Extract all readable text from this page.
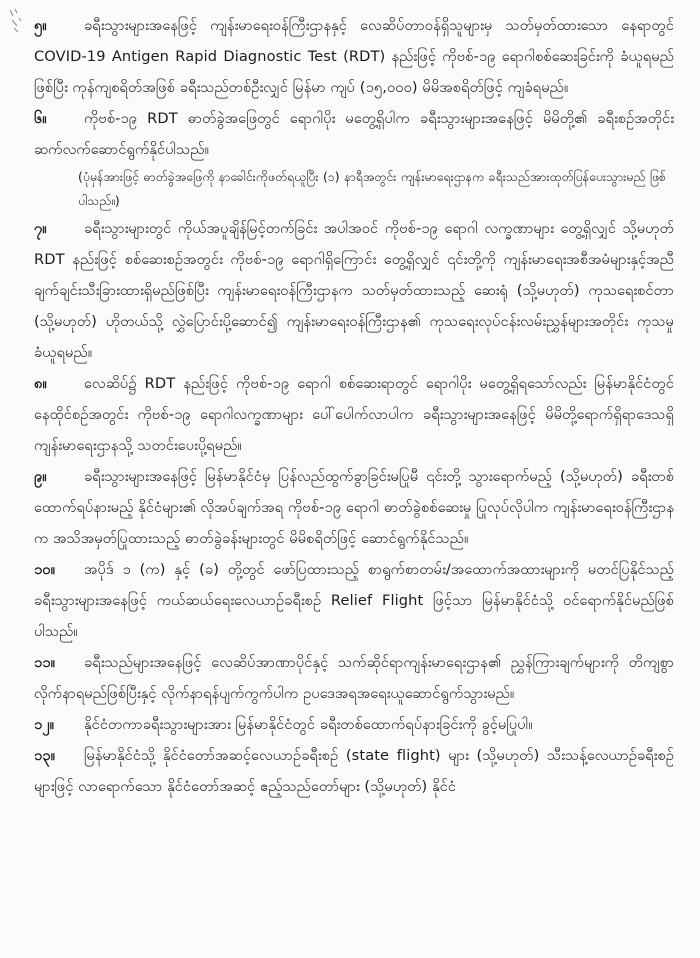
၅။	ခရီးသွားများအနေဖြင့် ကျန်းမာရေးဝန်ကြီးဌာနနှင့် လေဆိပ်တာဝန်ရှိသူများမှ သတ်မှတ်ထားသော နေရာတွင် COVID-19 Antigen Rapid Diagnostic Test (RDT) နည်းဖြင့် ကိုဗစ်-၁၉ ရောဂါစစ်ဆေးခြင်းကို ခံယူရမည်ဖြစ်ပြီး ကုန်ကျစရိတ်အဖြစ် ခရီးသည်တစ်ဦးလျှင် မြန်မာ ကျပ် (၁၅,၀၀၀) မိမိအစရိတ်ဖြင့် ကျခံရမည်။

၆။	ကိုဗစ်-၁၉ RDT ဓာတ်ခွဲအဖြေတွင် ရောဂါပိုး မတွေ့ရှိပါက ခရီးသွားများအနေဖြင့် မိမိတို့၏ ခရီးစဉ်အတိုင်း ဆက်လက်ဆောင်ရွက်နိုင်ပါသည်။

(ပုံမှန်အားဖြင့် ဓာတ်ခွဲအဖြေကို နာခေါင်းကိုဖတ်ရယူပြီး (၁) နာရီအတွင်း ကျန်းမာရေးဌာနက ခရီးသည်အားထုတ်ပြန်ပေးသွားမည် ဖြစ်ပါသည်။)

၇။	ခရီးသွားများတွင် ကိုယ်အပူချိန်မြင့်တက်ခြင်း အပါအဝင် ကိုဗစ်-၁၉ ရောဂါ လက္ခဏာများ တွေ့ရှိလျှင် သို့မဟုတ် RDT နည်းဖြင့် စစ်ဆေးစဉ်အတွင်း ကိုဗစ်-၁၉ ရောဂါရှိကြောင်း တွေ့ရှိလျှင် ၎င်းတို့ကို ကျန်းမာရေးအစီအမံများနှင့်အညီ ချက်ချင်းသီးခြားထားရှိမည်ဖြစ်ပြီး ကျန်းမာရေးဝန်ကြီးဌာနက သတ်မှတ်ထားသည့် ဆေးရုံ (သို့မဟုတ်) ကုသရေးစင်တာ (သို့မဟုတ်) ဟိုတယ်သို့ လွှဲပြောင်းပို့ဆောင်၍ ကျန်းမာရေးဝန်ကြီးဌာန၏ ကုသရေးလုပ်ငန်းလမ်းညွှန်များအတိုင်း ကုသမှုခံယူရမည်။

၈။	လေဆိပ်၌ RDT နည်းဖြင့် ကိုဗစ်-၁၉ ရောဂါ စစ်ဆေးရာတွင် ရောဂါပိုး မတွေ့ရှိရသော်လည်း မြန်မာနိုင်ငံတွင် နေထိုင်စဉ်အတွင်း ကိုဗစ်-၁၉ ရောဂါလက္ခဏာများ ပေါ်ပေါက်လာပါက ခရီးသွားများအနေဖြင့် မိမိတို့ရောက်ရှိရာဒေသရှိ ကျန်းမာရေးဌာနသို့ သတင်းပေးပို့ရမည်။

၉။	ခရီးသွားများအနေဖြင့် မြန်မာနိုင်ငံမှ ပြန်လည်ထွက်ခွာခြင်းမပြုမီ ၎င်းတို့ သွားရောက်မည့် (သို့မဟုတ်) ခရီးတစ်ထောက်ရပ်နားမည့် နိုင်ငံများ၏ လိုအပ်ချက်အရ ကိုဗစ်-၁၉ ရောဂါ ဓာတ်ခွဲစစ်ဆေးမှု ပြုလုပ်လိုပါက ကျန်းမာရေးဝန်ကြီးဌာနက အသိအမှတ်ပြုထားသည့် ဓာတ်ခွဲခန်းများတွင် မိမိစရိတ်ဖြင့် ဆောင်ရွက်နိုင်သည်။

၁၀။ အပိုဒ် ၁ (က) နှင့် (ခ) တို့တွင် ဖော်ပြထားသည့် စာရွက်စာတမ်း/အထောက်အထားများကို မတင်ပြနိုင်သည့် ခရီးသွားများအနေဖြင့် ကယ်ဆယ်ရေးလေယာဉ်ခရီးစဉ် Relief Flight ဖြင့်သာ မြန်မာနိုင်ငံသို့ ဝင်ရောက်နိုင်မည်ဖြစ်ပါသည်။

၁၁။ ခရီးသည်များအနေဖြင့် လေဆိပ်အာဏာပိုင်နှင့် သက်ဆိုင်ရာကျန်းမာရေးဌာန၏ ညွှန်ကြားချက်များကို တိကျစွာလိုက်နာရမည်ဖြစ်ပြီးနှင့် လိုက်နာရန်ပျက်ကွက်ပါက ဥပဒေအရအရေးယူဆောင်ရွက်သွားမည်။

၁၂။ နိုင်ငံတကာခရီးသွားများအား မြန်မာနိုင်ငံတွင် ခရီးတစ်ထောက်ရပ်နားခြင်းကို ခွင့်မပြုပါ။

၁၃။ မြန်မာနိုင်ငံသို့ နိုင်ငံတော်အဆင့်လေယာဉ်ခရီးစဉ် (state flight) များ (သို့မဟုတ်) သီးသန့်လေယာဉ်ခရီးစဉ်များဖြင့် လာရောက်သော နိုင်ငံတော်အဆင့် ဧည့်သည်တော်များ (သို့မဟုတ်) နိုင်ငံ
